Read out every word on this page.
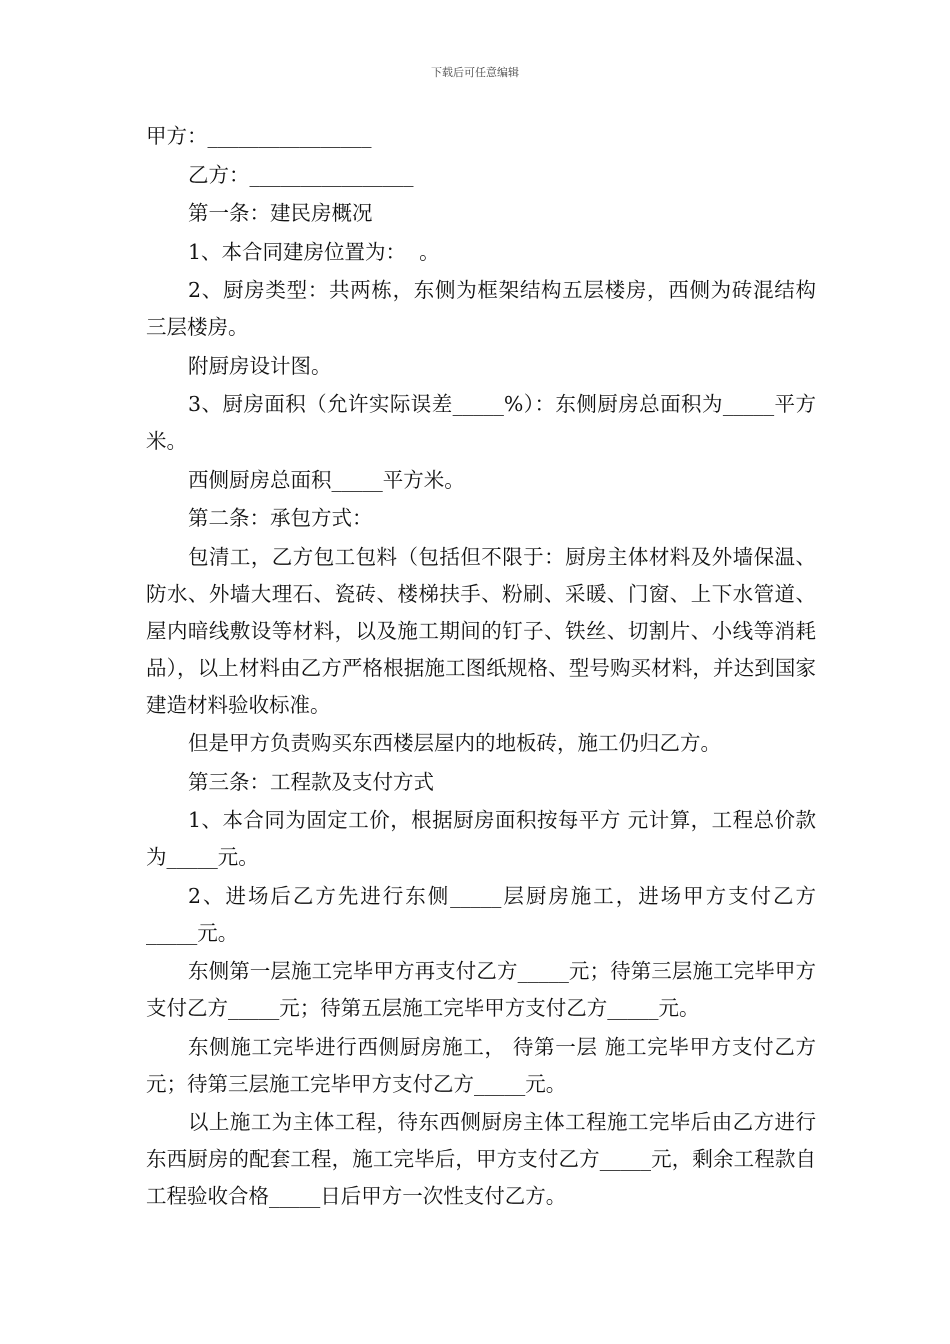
下载后可任意编辑

甲方：________________

乙方：________________

第一条：建民房概况

1、本合同建房位置为：  。

2、厨房类型：共两栋，东侧为框架结构五层楼房，西侧为砖混结构 三层楼房。

附厨房设计图。

3、厨房面积（允许实际误差_____%）：东侧厨房总面积为_____平方米。

西侧厨房总面积_____平方米。

第二条：承包方式：

包清工，乙方包工包料（包括但不限于：厨房主体材料及外墙保温、防水、外墙大理石、瓷砖、楼梯扶手、粉刷、采暖、门窗、上下水管道、屋内暗线敷设等材料，以及施工期间的钉子、铁丝、切割片、小线等消耗品），以上材料由乙方严格根据施工图纸规格、型号购买材料，并达到国家建造材料验收标准。

但是甲方负责购买东西楼层屋内的地板砖，施工仍归乙方。

第三条：工程款及支付方式

1、本合同为固定工价，根据厨房面积按每平方 元计算，工程总价款为_____元。

2、进场后乙方先进行东侧_____层厨房施工，进场甲方支付乙方_____元。

东侧第一层施工完毕甲方再支付乙方_____元；待第三层施工完毕甲方支付乙方_____元；待第五层施工完毕甲方支付乙方_____元。

东侧施工完毕进行西侧厨房施工， 待第一层 施工完毕甲方支付乙方 元；待第三层施工完毕甲方支付乙方_____元。

以上施工为主体工程，待东西侧厨房主体工程施工完毕后由乙方进行东西厨房的配套工程，施工完毕后，甲方支付乙方_____元，剩余工程款自工程验收合格_____日后甲方一次性支付乙方。
